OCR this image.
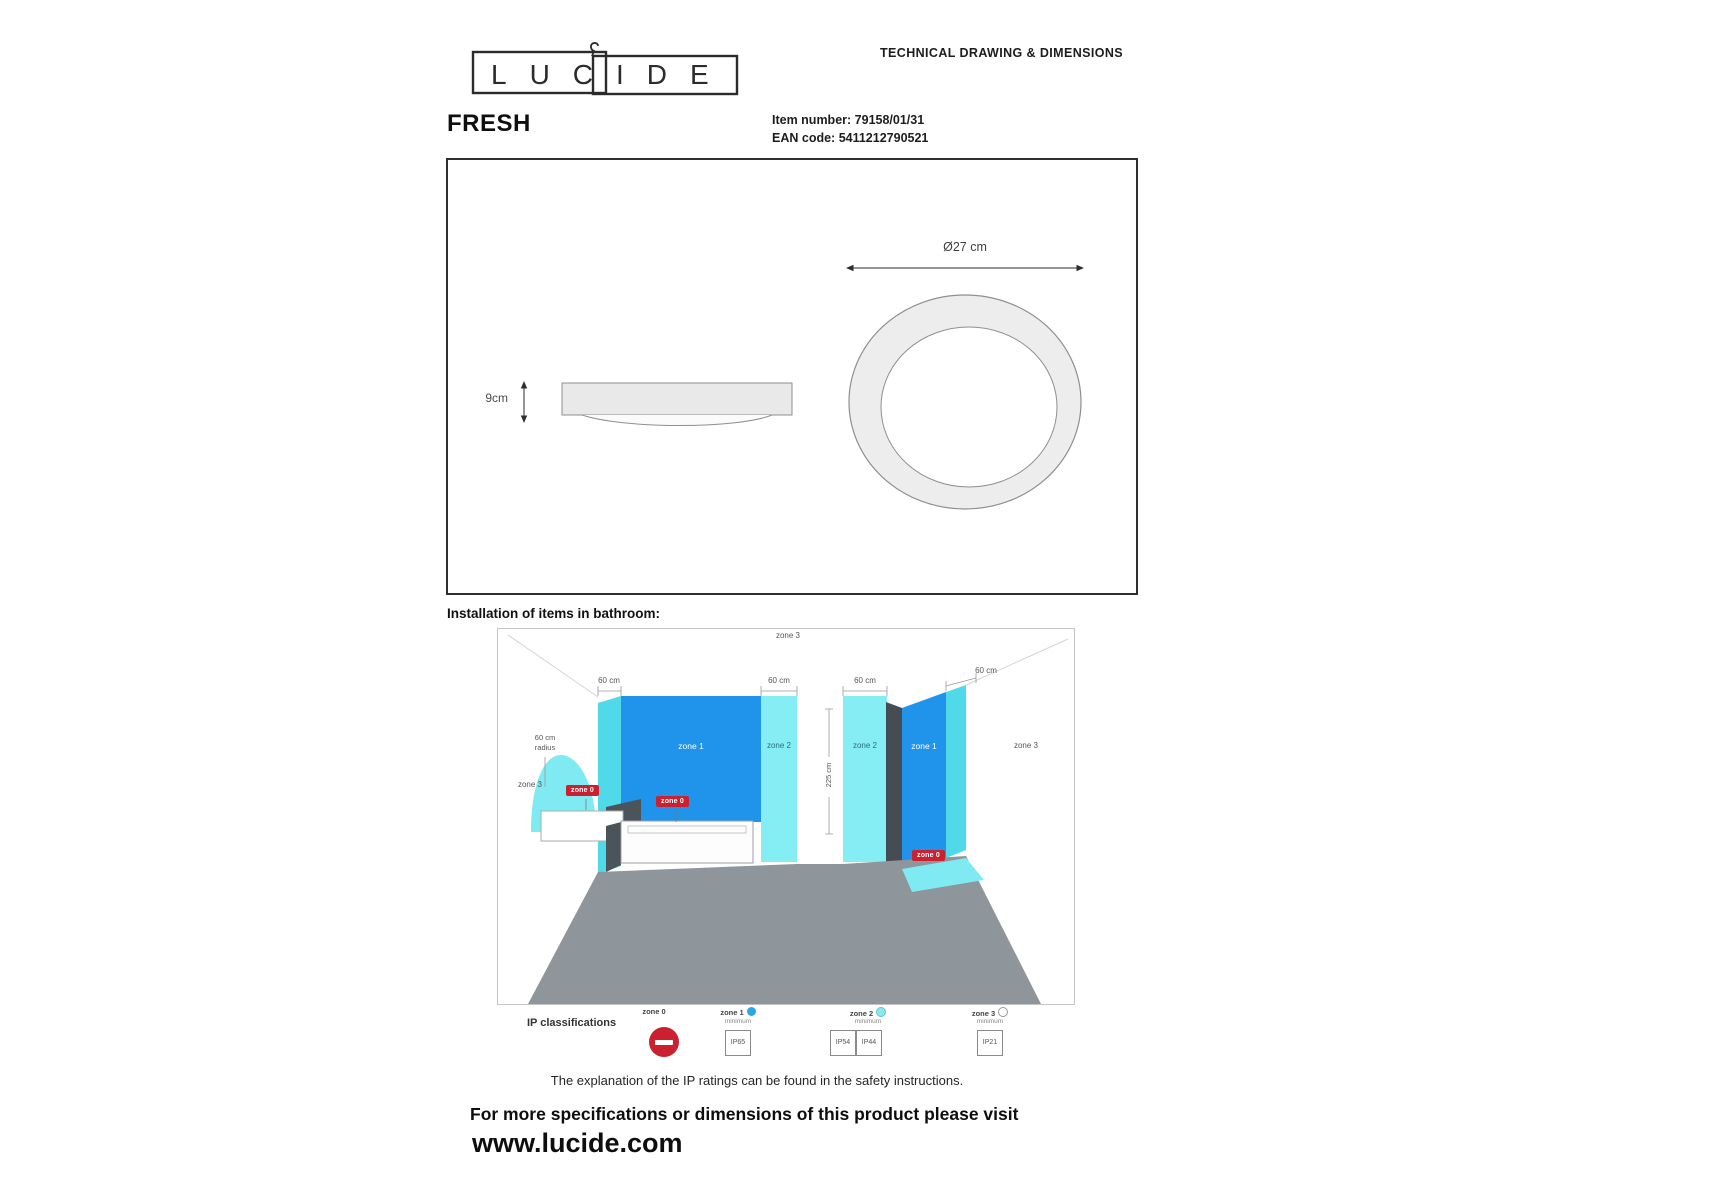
LUCIDE
TECHNICAL DRAWING & DIMENSIONS
FRESH	Item number: 79158/01/31
EAN code: 5411212790521
9cm
Ø27 cm
Installation of items in bathroom:
zone 3
60 cm	60 cm	60 cm
60 cm
60 cm
radius
zone 3
zone 1	zone 2
225 cm
zone 2	zone 1	zone 3
zone 0
zone 0
zone 0
IP classifications
zone 0	zone 1
minimum
IP65
zone 2
minimum
IP54	IP44
zone 3
minimum
IP21
The explanation of the IP ratings can be found in the safety instructions.
For more specifications or dimensions of this product please visit
www.lucide.com
